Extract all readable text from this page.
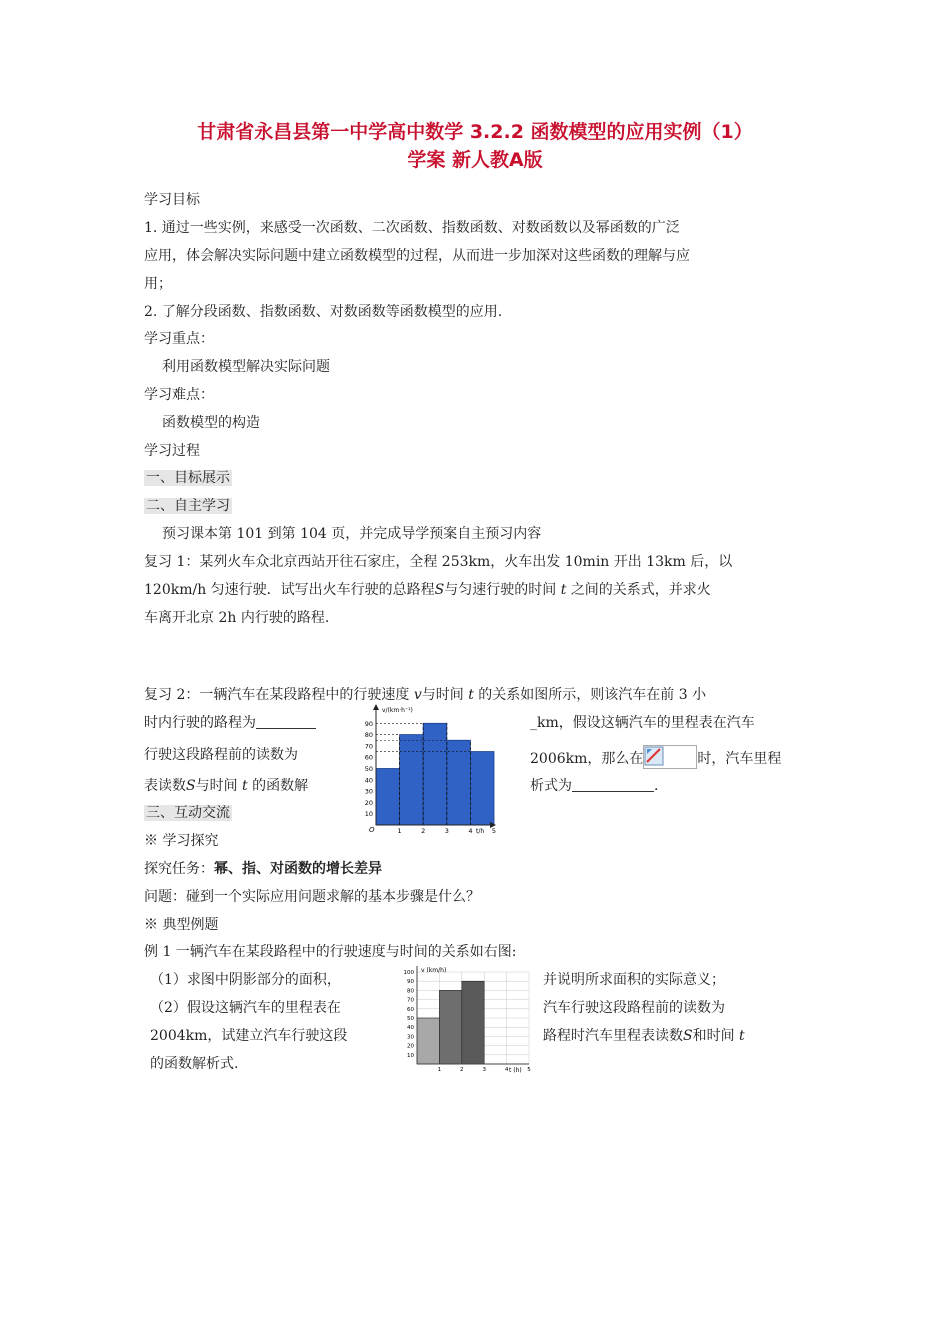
甘肃省永昌县第一中学高中数学 3.2.2 函数模型的应用实例（1）
学案 新人教A版
学习目标
1. 通过一些实例，来感受一次函数、二次函数、指数函数、对数函数以及幂函数的广泛
应用，体会解决实际问题中建立函数模型的过程，从而进一步加深对这些函数的理解与应
用；
2. 了解分段函数、指数函数、对数函数等函数模型的应用.
学习重点：
利用函数模型解决实际问题
学习难点：
函数模型的构造
学习过程
一、目标展示
二、自主学习
预习课本第 101 到第 104 页，并完成导学预案自主预习内容
复习 1：某列火车众北京西站开往石家庄，全程 253km，火车出发 10min 开出 13km 后，以
120km/h 匀速行驶．试写出火车行驶的总路程S与匀速行驶的时间 t 之间的关系式，并求火
车离开北京 2h 内行驶的路程.
复习 2：一辆汽车在某段路程中的行驶速度 v与时间 t 的关系如图所示，则该汽车在前 3 小
时内行驶的路程为	_km，假设这辆汽车的里程表在汽车
行驶这段路程前的读数为	2006km，那么在	时，汽车里程
表读数S与时间 t 的函数解	析式为	.
v/(km·h⁻¹)
t/h
O
10
20
30
40
50
60
70
80
90
1	2	3	4	5
三、互动交流
※ 学习探究
探究任务：幂、指、对函数的增长差异
问题：碰到一个实际应用问题求解的基本步骤是什么？
※ 典型例题
例 1 一辆汽车在某段路程中的行驶速度与时间的关系如右图:
（1）求图中阴影部分的面积，	并说明所求面积的实际意义；
（2）假设这辆汽车的里程表在	汽车行驶这段路程前的读数为
2004km，试建立汽车行驶这段	路程时汽车里程表读数S和时间 t
的函数解析式.
v (km/h)
t (h)
10
20
30
40
50
60
70
80
90
100
1	2	3	4	5
